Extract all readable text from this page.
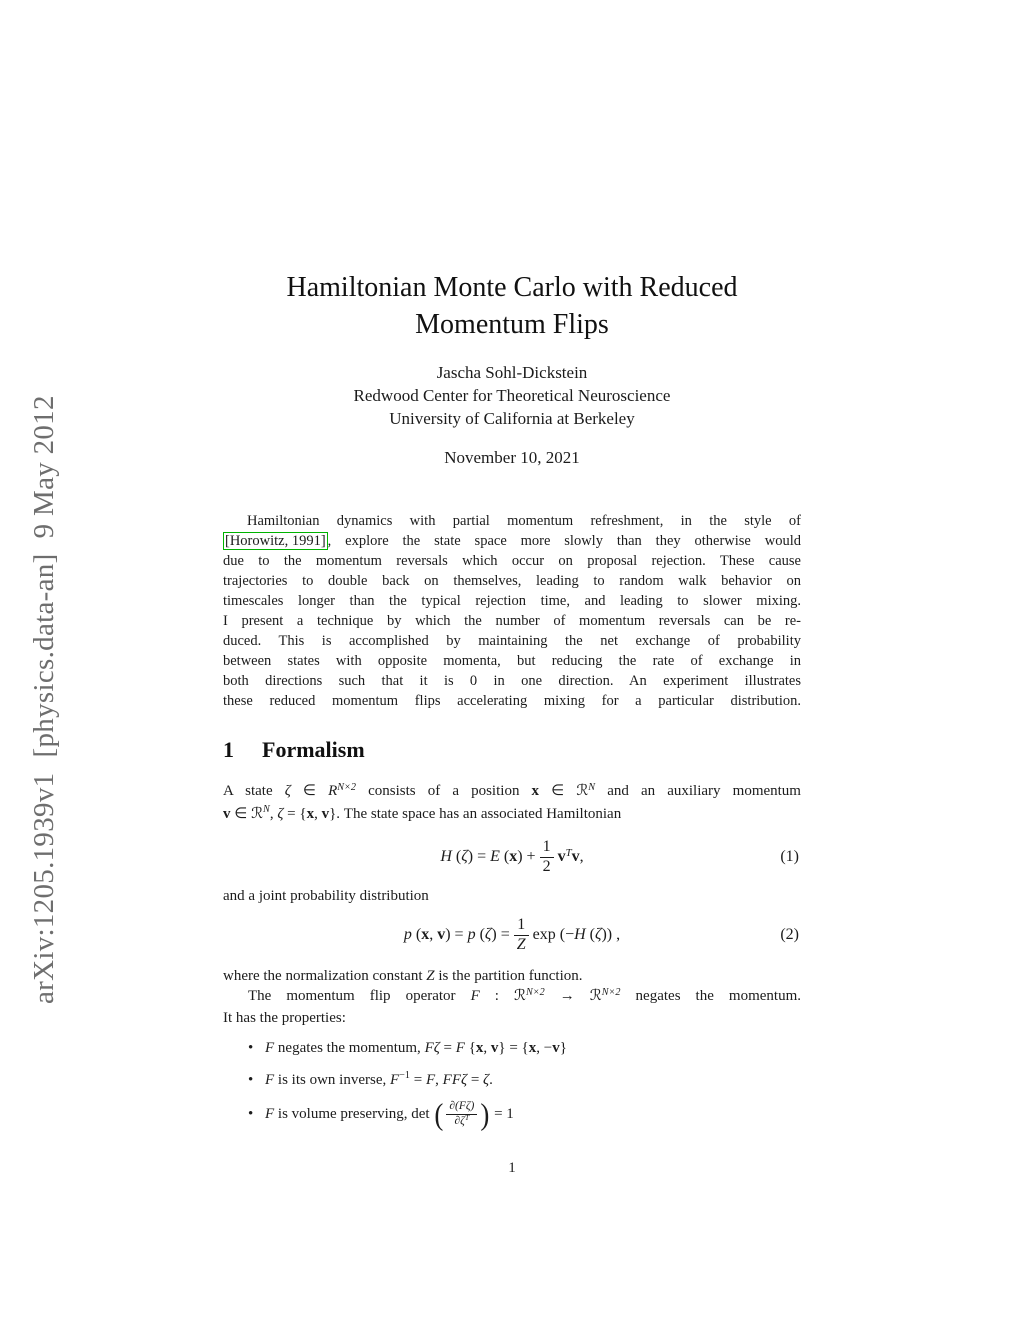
arXiv:1205.1939v1  [physics.data-an]  9 May 2012
Hamiltonian Monte Carlo with Reduced
Momentum Flips
Jascha Sohl-Dickstein
Redwood Center for Theoretical Neuroscience
University of California at Berkeley
November 10, 2021
Hamiltonian dynamics with partial momentum refreshment, in the style of
[Horowitz, 1991] , explore the state space more slowly than they otherwise would
due to the momentum reversals which occur on proposal rejection. These cause
trajectories to double back on themselves, leading to random walk behavior on
timescales longer than the typical rejection time, and leading to slower mixing.
I present a technique by which the number of momentum reversals can be re-
duced. This is accomplished by maintaining the net exchange of probability
between states with opposite momenta, but reducing the rate of exchange in
both directions such that it is 0 in one direction. An experiment illustrates
these reduced momentum flips accelerating mixing for a particular distribution.
1 Formalism
A state ζ ∈ $R^{N\times 2}$ consists of a position x ∈ ℛ$^N$ and an auxiliary momentum
v ∈ ℛ$^N$, ζ = {x, v}. The state space has an associated Hamiltonian
H (ζ) = E $(x) + \frac{1}{2} v^Tv$,	(1)
and a joint probability distribution
p (x, v) = p $(\zeta) = \frac{1}{Z}$ exp (−H (ζ)) ,	(2)
where the normalization constant Z is the partition function.
The momentum flip operator F : ℛ$^{N\times 2}$ → ℛ$^{N\times 2}$ negates the momentum.
It has the properties:
• F negates the momentum, Fζ = F {x, v} = {x, −v}
• F is its own inverse, $F^{-1} = F$, FFζ = ζ.
• F is volume preserving, det ( $\frac{\partial(F\zeta)}{\partial\zeta^T}$ ) = 1
1
